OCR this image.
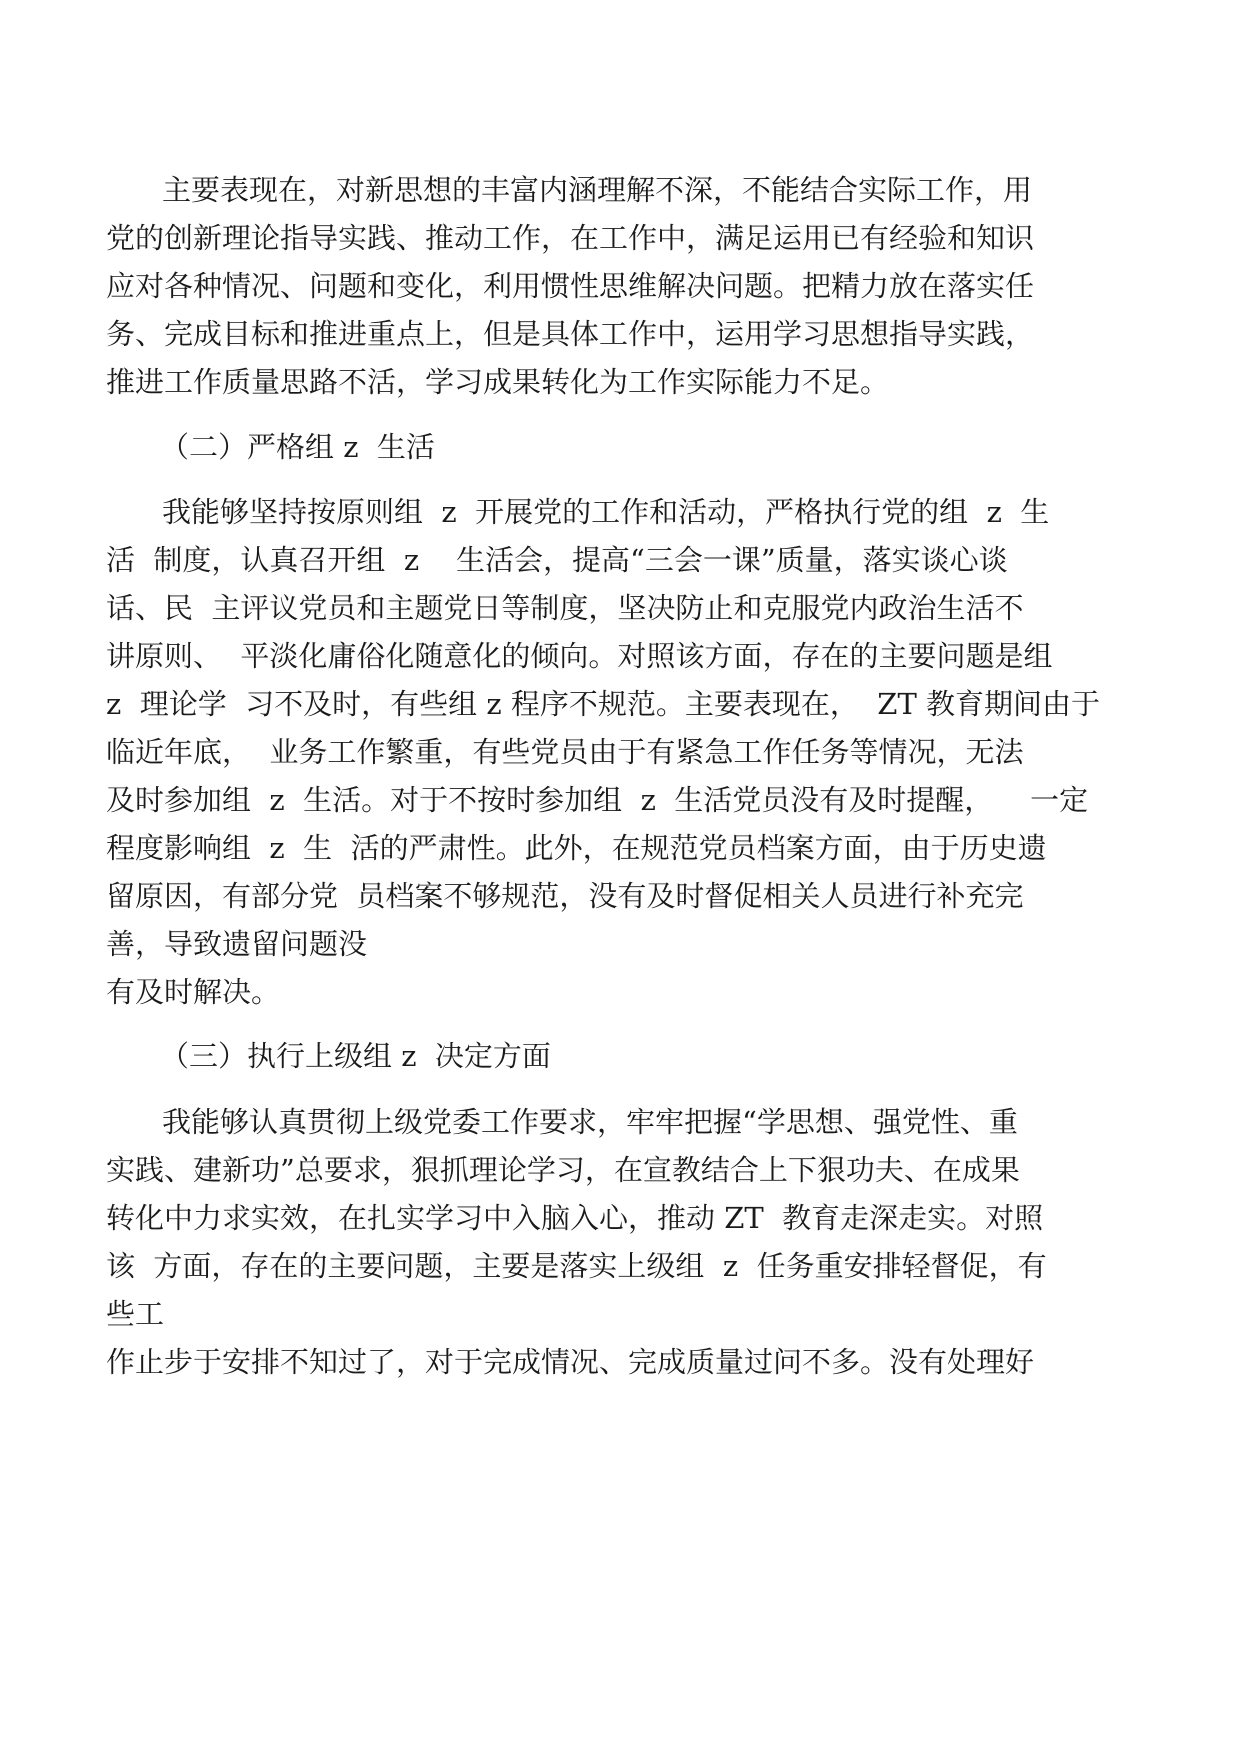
主要表现在，对新思想的丰富内涵理解不深，不能结合实际工作，用
党的创新理论指导实践、推动工作，在工作中，满足运用已有经验和知识
应对各种情况、问题和变化，利用惯性思维解决问题。把精力放在落实任
务、完成目标和推进重点上，但是具体工作中，运用学习思想指导实践，
推进工作质量思路不活，学习成果转化为工作实际能力不足。
（二）严格组 z  生活
我能够坚持按原则组  z  开展党的工作和活动，严格执行党的组  z  生
活  制度，认真召开组  z    生活会，提高“三会一课”质量，落实谈心谈
话、民  主评议党员和主题党日等制度，坚决防止和克服党内政治生活不
讲原则、  平淡化庸俗化随意化的倾向。对照该方面，存在的主要问题是组
z  理论学  习不及时，有些组 z 程序不规范。主要表现在，  ZT 教育期间由于
临近年底，  业务工作繁重，有些党员由于有紧急工作任务等情况，无法
及时参加组  z  生活。对于不按时参加组  z  生活党员没有及时提醒，    一定
程度影响组  z  生  活的严肃性。此外，在规范党员档案方面，由于历史遗
留原因，有部分党  员档案不够规范，没有及时督促相关人员进行补充完
善，导致遗留问题没
有及时解决。
（三）执行上级组 z  决定方面
我能够认真贯彻上级党委工作要求，牢牢把握“学思想、强党性、重
实践、建新功”总要求，狠抓理论学习，在宣教结合上下狠功夫、在成果
转化中力求实效，在扎实学习中入脑入心，推动 ZT  教育走深走实。对照
该  方面，存在的主要问题，主要是落实上级组  z  任务重安排轻督促，有
些工
作止步于安排不知过了，对于完成情况、完成质量过问不多。没有处理好
